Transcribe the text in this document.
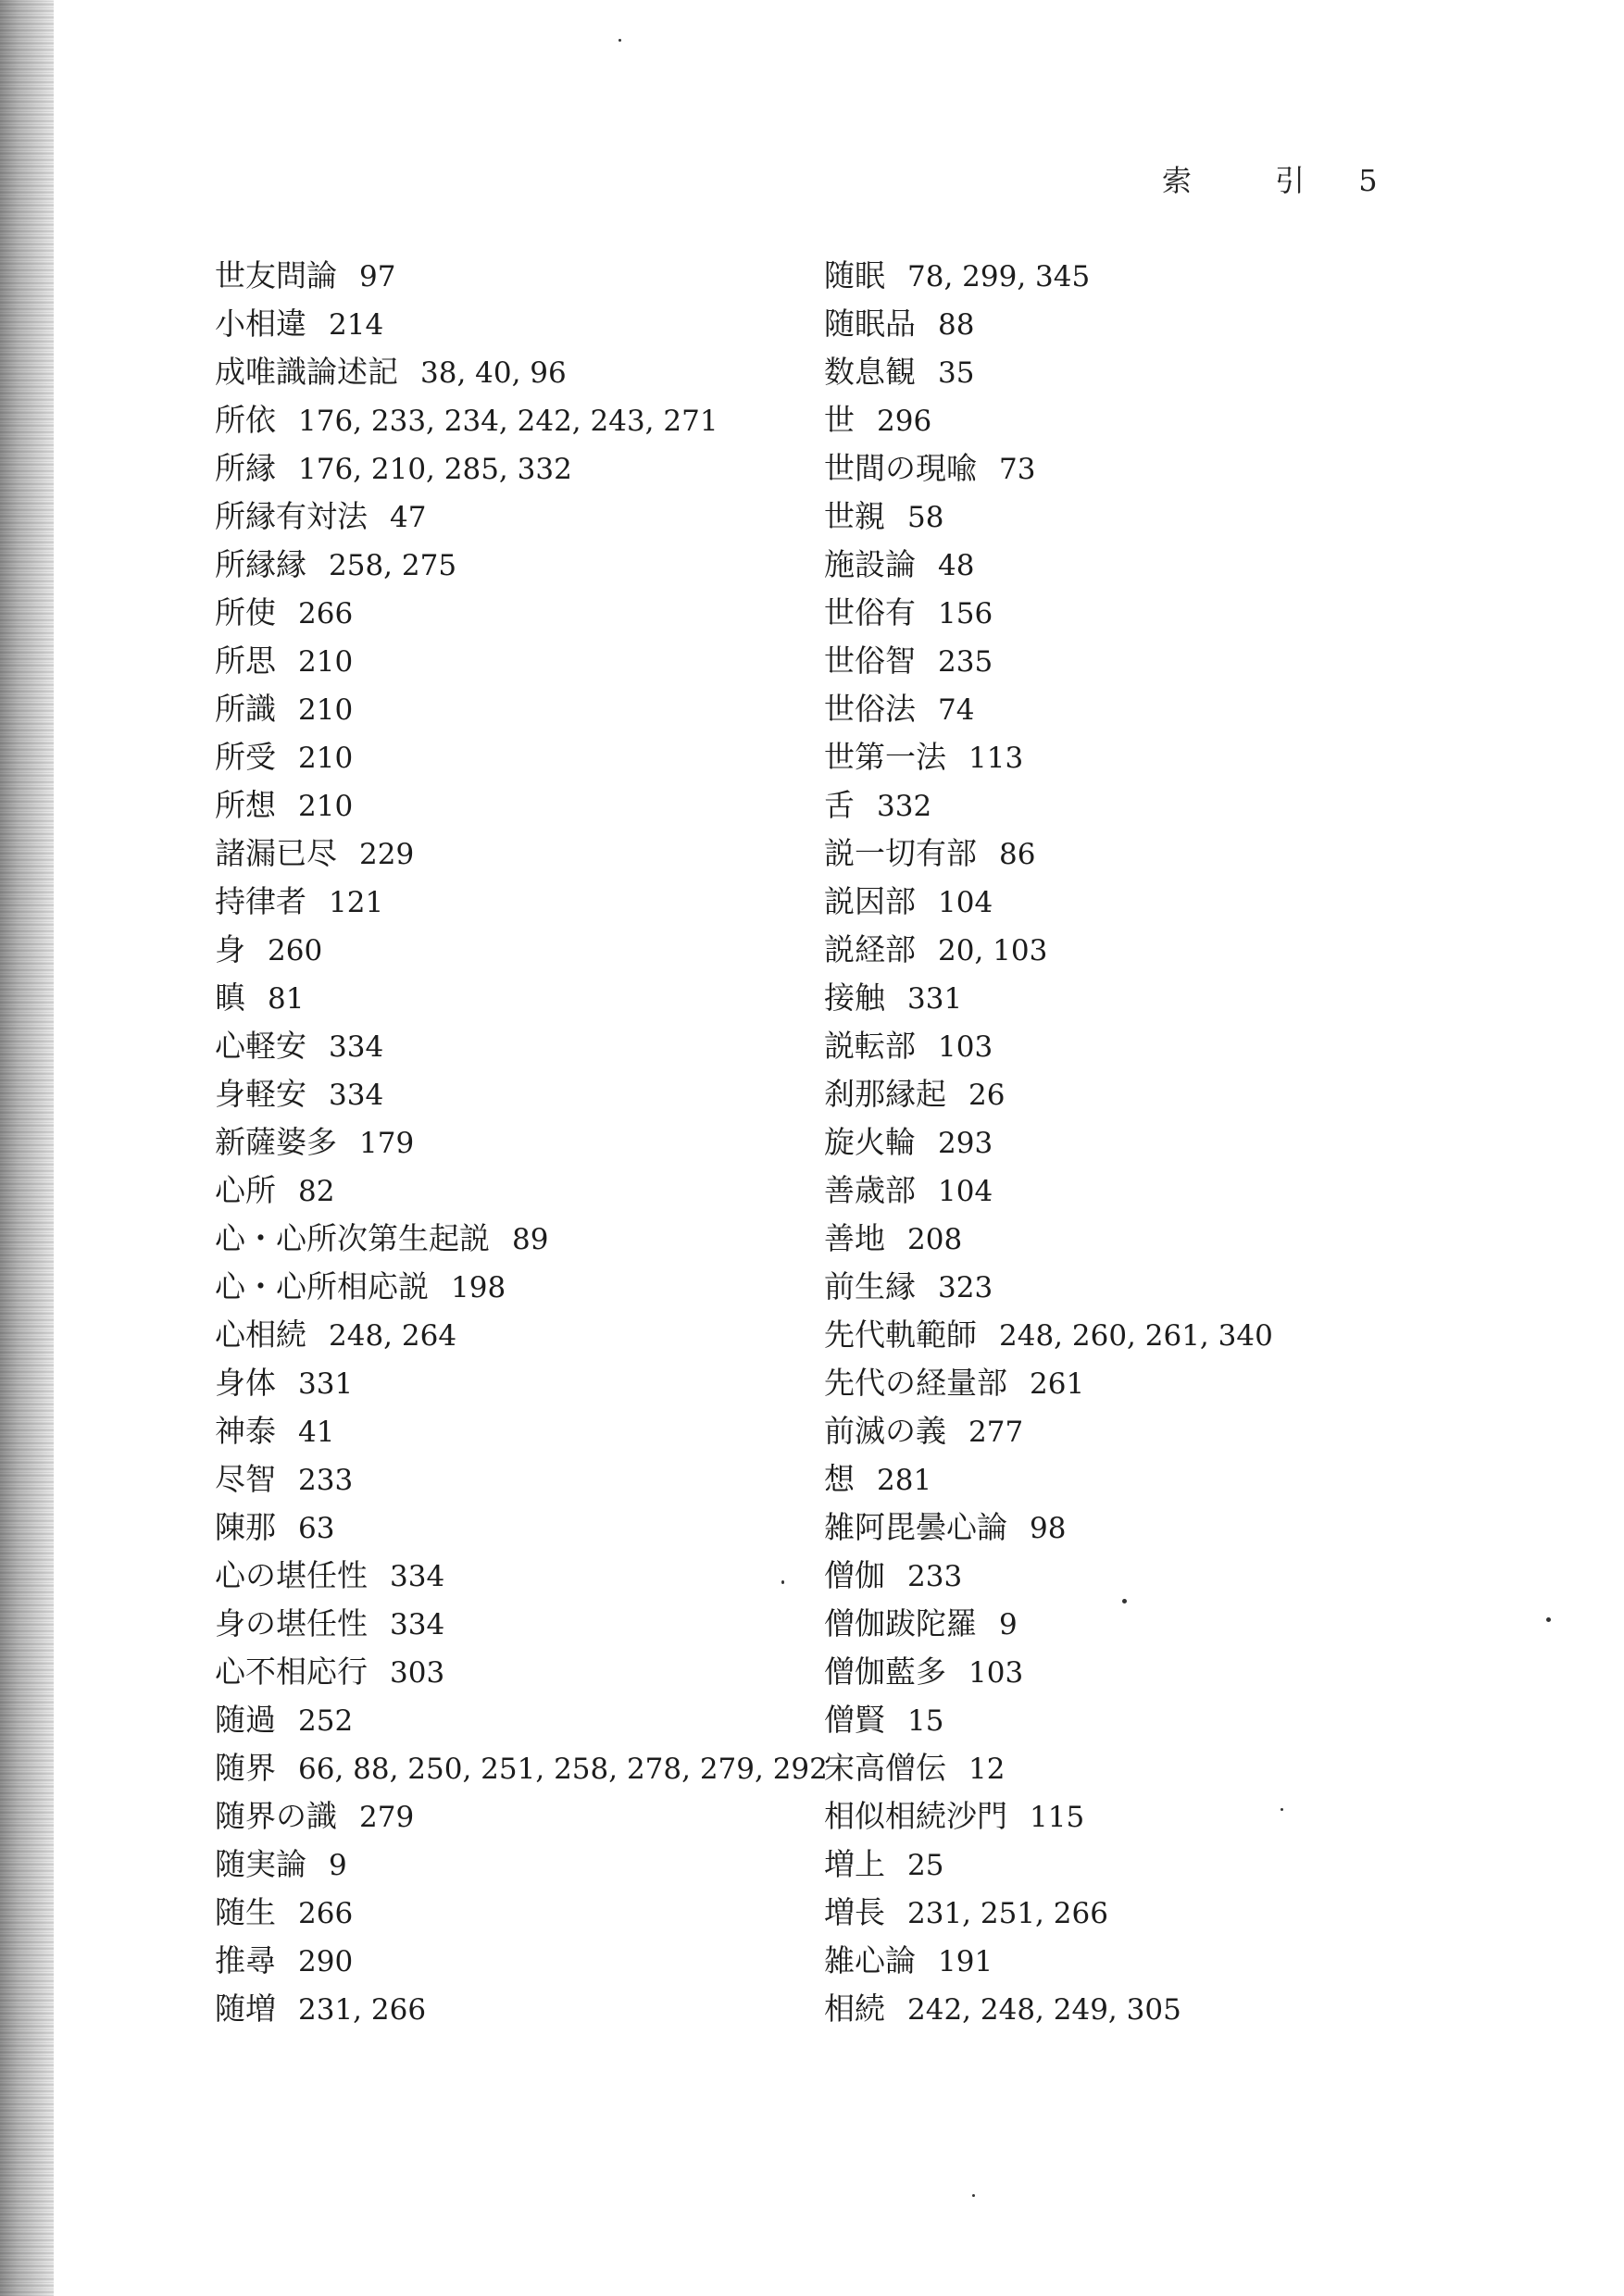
索 引 5
世友問論 97
小相違 214
成唯識論述記 38, 40, 96
所依 176, 233, 234, 242, 243, 271
所縁 176, 210, 285, 332
所縁有対法 47
所縁縁 258, 275
所使 266
所思 210
所識 210
所受 210
所想 210
諸漏已尽 229
持律者 121
身 260
瞋 81
心軽安 334
身軽安 334
新薩婆多 179
心所 82
心・心所次第生起説 89
心・心所相応説 198
心相続 248, 264
身体 331
神泰 41
尽智 233
陳那 63
心の堪任性 334
身の堪任性 334
心不相応行 303
随過 252
随界 66, 88, 250, 251, 258, 278, 279, 292
随界の識 279
随実論 9
随生 266
推尋 290
随増 231, 266
随眠 78, 299, 345
随眠品 88
数息観 35
世 296
世間の現喩 73
世親 58
施設論 48
世俗有 156
世俗智 235
世俗法 74
世第一法 113
舌 332
説一切有部 86
説因部 104
説経部 20, 103
接触 331
説転部 103
刹那縁起 26
旋火輪 293
善歳部 104
善地 208
前生縁 323
先代軌範師 248, 260, 261, 340
先代の経量部 261
前滅の義 277
想 281
雑阿毘曇心論 98
僧伽 233
僧伽跋陀羅 9
僧伽藍多 103
僧賢 15
宋高僧伝 12
相似相続沙門 115
増上 25
増長 231, 251, 266
雑心論 191
相続 242, 248, 249, 305
